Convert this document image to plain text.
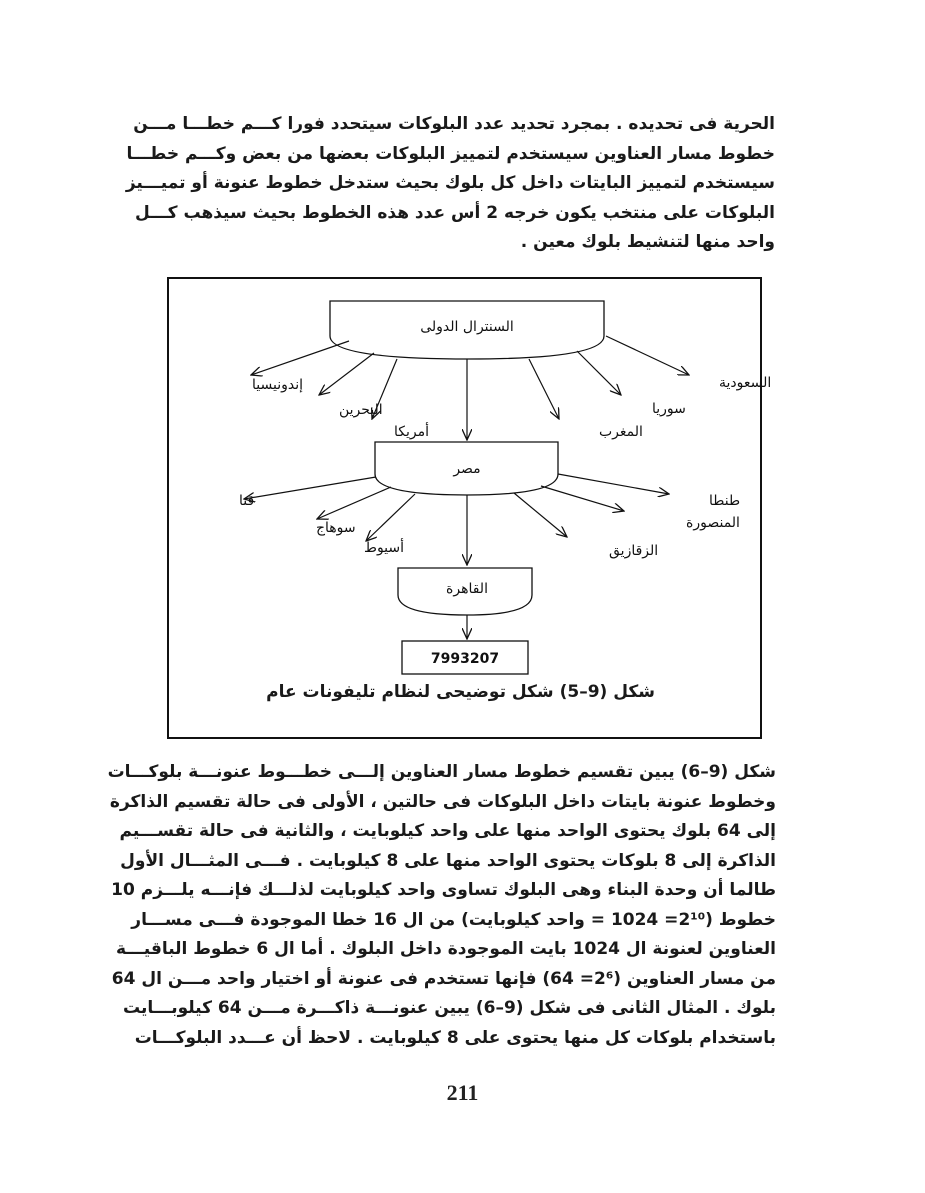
الحرية فى تحديده . بمجرد تحديد عدد البلوكات سيتحدد فورا كـــم خطـــا مـــن
خطوط مسار العناوين سيستخدم لتمييز البلوكات بعضها من بعض وكـــم خطـــا
سيستخدم لتمييز البايتات داخل كل بلوك بحيث ستدخل خطوط عنونة أو تميـــيز
البلوكات على منتخب يكون خرجه 2 أس عدد هذه الخطوط بحيث سيذهب كـــل
واحد منها لتنشيط بلوك معين .
السنترال الدولى
إندونيسيا
البحرين
أمريكا	المغرب
سوريا
السعودية
مصر
قنا
سوهاج
أسيوط	الزقازيق
المنصورة
طنطا
القاهرة
7993207
شكل (9–5) شكل توضيحى لنظام تليفونات عام
شكل (9–6) يبين تقسيم خطوط مسار العناوين إلـــى خطـــوط عنونـــة بلوكـــات
وخطوط عنونة بايتات داخل البلوكات فى حالتين ، الأولى فى حالة تقسيم الذاكرة
إلى 64 بلوك يحتوى الواحد منها على واحد كيلوبايت ، والثانية فى حالة تقســـيم
الذاكرة إلى 8 بلوكات يحتوى الواحد منها على 8 كيلوبايت . فـــى المثـــال الأول
طالما أن وحدة البناء وهى البلوك تساوى واحد كيلوبايت لذلـــك فإنـــه يلـــزم 10
خطوط (2¹⁰= 1024 = واحد كيلوبايت) من ال 16 خطا الموجودة فـــى مســـار
العناوين لعنونة ال 1024 بايت الموجودة داخل البلوك . أما ال 6 خطوط الباقيـــة
من مسار العناوين (2⁶= 64) فإنها تستخدم فى عنونة أو اختيار واحد مـــن ال 64
بلوك . المثال الثانى فى شكل (9–6) يبين عنونـــة ذاكـــرة مـــن 64 كيلوبـــايت
باستخدام بلوكات كل منها يحتوى على 8 كيلوبايت . لاحظ أن عـــدد البلوكـــات
211
